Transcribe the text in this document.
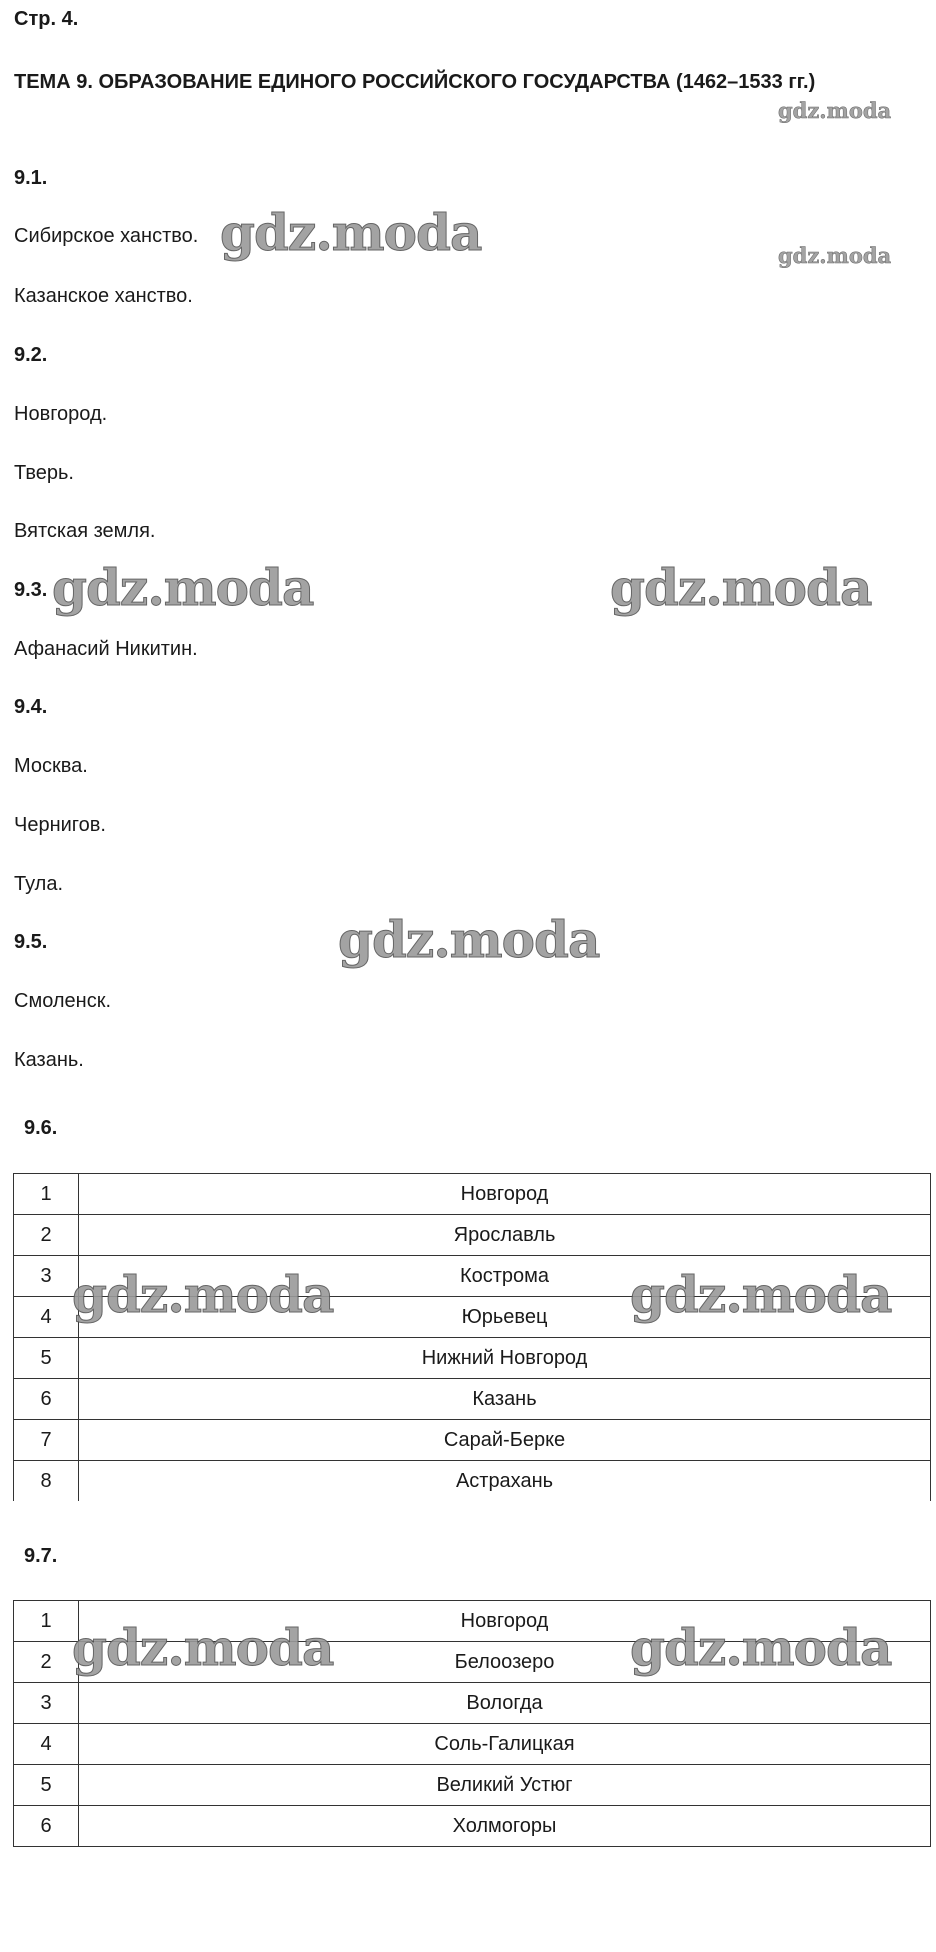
Стр. 4.
ТЕМА 9. ОБРАЗОВАНИЕ ЕДИНОГО РОССИЙСКОГО ГОСУДАРСТВА (1462–1533 гг.)
9.1.
Сибирское ханство.
Казанское ханство.
9.2.
Новгород.
Тверь.
Вятская земля.
9.3.
Афанасий Никитин.
9.4.
Москва.
Чернигов.
Тула.
9.5.
Смоленск.
Казань.
9.6.
1	Новгород
2	Ярославль
3	Кострома
4	Юрьевец
5	Нижний Новгород
6	Казань
7	Сарай-Берке
8	Астрахань
9.7.
1	Новгород
2	Белоозеро
3	Вологда
4	Соль-Галицкая
5	Великий Устюг
6	Холмогоры
gdz.moda
gdz.moda	gdz.moda
gdz.moda	gdz.moda
gdz.moda
gdz.moda	gdz.moda
gdz.moda	gdz.moda
